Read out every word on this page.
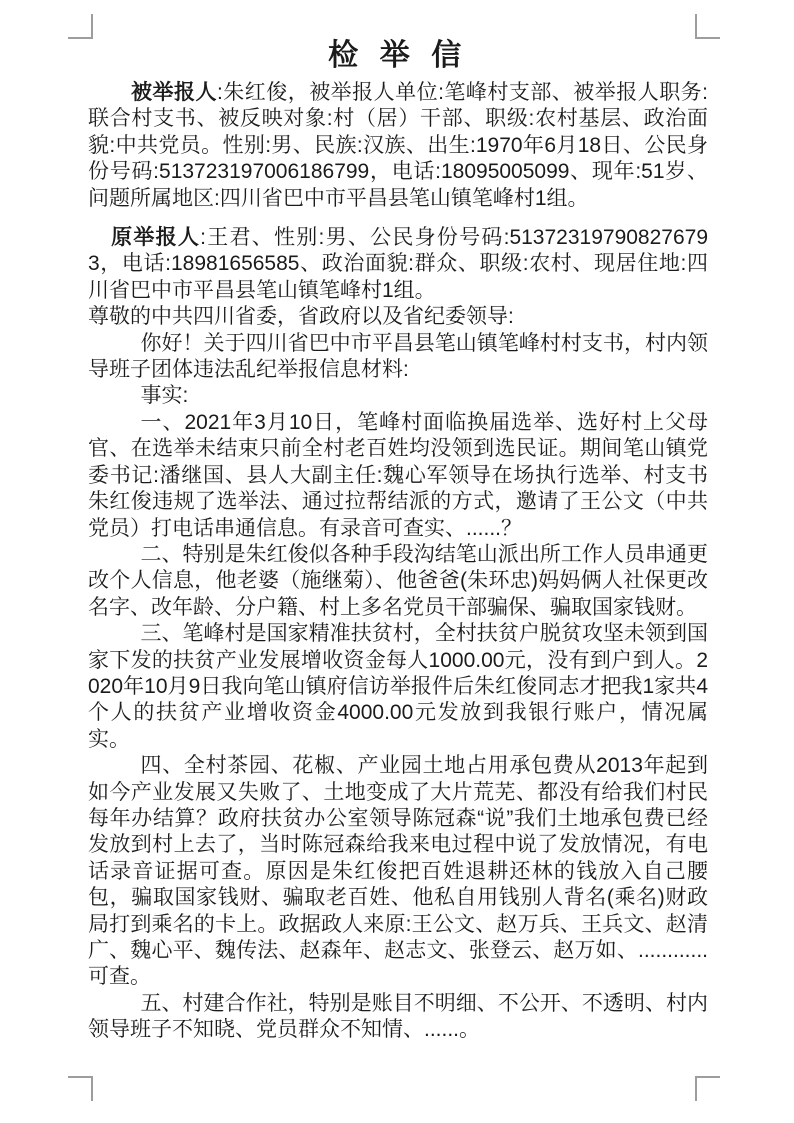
检 举 信

被举报人:朱红俊，被举报人单位:笔峰村支部、被举报人职务:联合村支书、被反映对象:村（居）干部、职级:农村基层、政治面貌:中共党员。性别:男、民族:汉族、出生:1970年6月18日、公民身份号码:513723197006186799，电话:18095005099、现年:51岁、问题所属地区:四川省巴中市平昌县笔山镇笔峰村1组。

原举报人:王君、性别:男、公民身份号码:513723197908276793，电话:18981656585、政治面貌:群众、职级:农村、现居住地:四川省巴中市平昌县笔山镇笔峰村1组。

尊敬的中共四川省委，省政府以及省纪委领导:

你好！关于四川省巴中市平昌县笔山镇笔峰村村支书，村内领导班子团体违法乱纪举报信息材料:

事实:

一、2021年3月10日，笔峰村面临换届选举、选好村上父母官、在选举未结束只前全村老百姓均没领到选民证。期间笔山镇党委书记:潘继国、县人大副主任:魏心军领导在场执行选举、村支书朱红俊违规了选举法、通过拉帮结派的方式，邀请了王公文（中共党员）打电话串通信息。有录音可查实、......？

二、特别是朱红俊似各种手段沟结笔山派出所工作人员串通更改个人信息，他老婆（施继菊）、他爸爸(朱环忠)妈妈俩人社保更改名字、改年龄、分户籍、村上多名党员干部骗保、骗取国家钱财。

三、笔峰村是国家精准扶贫村，全村扶贫户脱贫攻坚未领到国家下发的扶贫产业发展增收资金每人1000.00元，没有到户到人。2020年10月9日我向笔山镇府信访举报件后朱红俊同志才把我1家共4个人的扶贫产业增收资金4000.00元发放到我银行账户，情况属实。

四、全村茶园、花椒、产业园土地占用承包费从2013年起到如今产业发展又失败了、土地变成了大片荒芜、都没有给我们村民每年办结算？政府扶贫办公室领导陈冠森“说”我们土地承包费已经发放到村上去了，当时陈冠森给我来电过程中说了发放情况，有电话录音证据可查。原因是朱红俊把百姓退耕还林的钱放入自己腰包，骗取国家钱财、骗取老百姓、他私自用钱别人背名(乘名)财政局打到乘名的卡上。政据政人来原:王公文、赵万兵、王兵文、赵清广、魏心平、魏传法、赵森年、赵志文、张登云、赵万如、............可查。

五、村建合作社，特别是账目不明细、不公开、不透明、村内领导班子不知晓、党员群众不知情、......。
